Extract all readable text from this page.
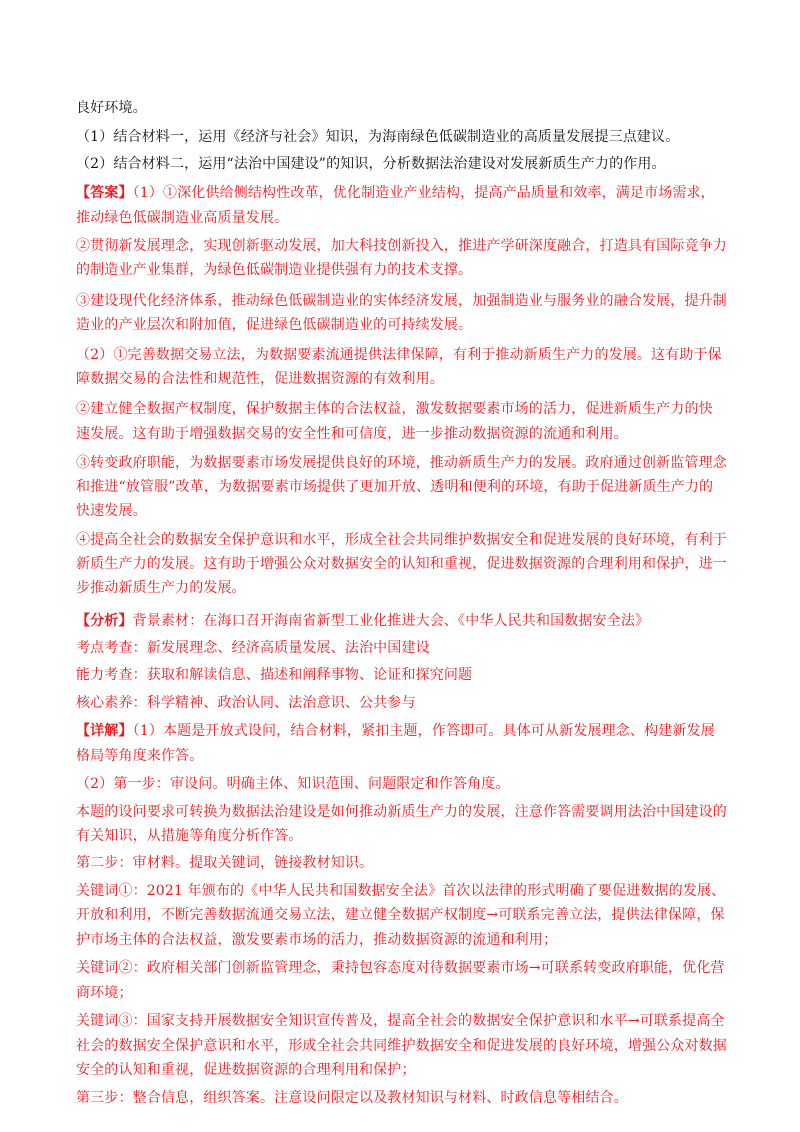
良好环境。
（1）结合材料一，运用《经济与社会》知识，为海南绿色低碳制造业的高质量发展提三点建议。
（2）结合材料二，运用“法治中国建设”的知识，分析数据法治建设对发展新质生产力的作用。
【答案】（1）①深化供给侧结构性改革，优化制造业产业结构，提高产品质量和效率，满足市场需求，
推动绿色低碳制造业高质量发展。
②贯彻新发展理念，实现创新驱动发展，加大科技创新投入，推进产学研深度融合，打造具有国际竞争力
的制造业产业集群，为绿色低碳制造业提供强有力的技术支撑。
③建设现代化经济体系，推动绿色低碳制造业的实体经济发展，加强制造业与服务业的融合发展，提升制
造业的产业层次和附加值，促进绿色低碳制造业的可持续发展。
（2）①完善数据交易立法，为数据要素流通提供法律保障，有利于推动新质生产力的发展。这有助于保
障数据交易的合法性和规范性，促进数据资源的有效利用。
②建立健全数据产权制度，保护数据主体的合法权益，激发数据要素市场的活力，促进新质生产力的快
速发展。这有助于增强数据交易的安全性和可信度，进一步推动数据资源的流通和利用。
③转变政府职能，为数据要素市场发展提供良好的环境，推动新质生产力的发展。政府通过创新监管理念
和推进“放管服”改革，为数据要素市场提供了更加开放、透明和便利的环境，有助于促进新质生产力的
快速发展。
④提高全社会的数据安全保护意识和水平，形成全社会共同维护数据安全和促进发展的良好环境，有利于
新质生产力的发展。这有助于增强公众对数据安全的认知和重视，促进数据资源的合理利用和保护，进一
步推动新质生产力的发展。
【分析】背景素材：在海口召开海南省新型工业化推进大会、《中华人民共和国数据安全法》
考点考查：新发展理念、经济高质量发展、法治中国建设
能力考查：获取和解读信息、描述和阐释事物、论证和探究问题
核心素养：科学精神、政治认同、法治意识、公共参与
【详解】（1）本题是开放式设问，结合材料，紧扣主题，作答即可。具体可从新发展理念、构建新发展
格局等角度来作答。
（2）第一步：审设问。明确主体、知识范围、问题限定和作答角度。
本题的设问要求可转换为数据法治建设是如何推动新质生产力的发展，注意作答需要调用法治中国建设的
有关知识，从措施等角度分析作答。
第二步：审材料。提取关键词，链接教材知识。
关键词①：2021 年颁布的《中华人民共和国数据安全法》首次以法律的形式明确了要促进数据的发展、
开放和利用，不断完善数据流通交易立法，建立健全数据产权制度→可联系完善立法，提供法律保障，保
护市场主体的合法权益，激发要素市场的活力，推动数据资源的流通和利用；
关键词②：政府相关部门创新监管理念，秉持包容态度对待数据要素市场→可联系转变政府职能，优化营
商环境；
关键词③：国家支持开展数据安全知识宣传普及，提高全社会的数据安全保护意识和水平→可联系提高全
社会的数据安全保护意识和水平，形成全社会共同维护数据安全和促进发展的良好环境，增强公众对数据
安全的认知和重视，促进数据资源的合理利用和保护；
第三步：整合信息，组织答案。注意设问限定以及教材知识与材料、时政信息等相结合。
